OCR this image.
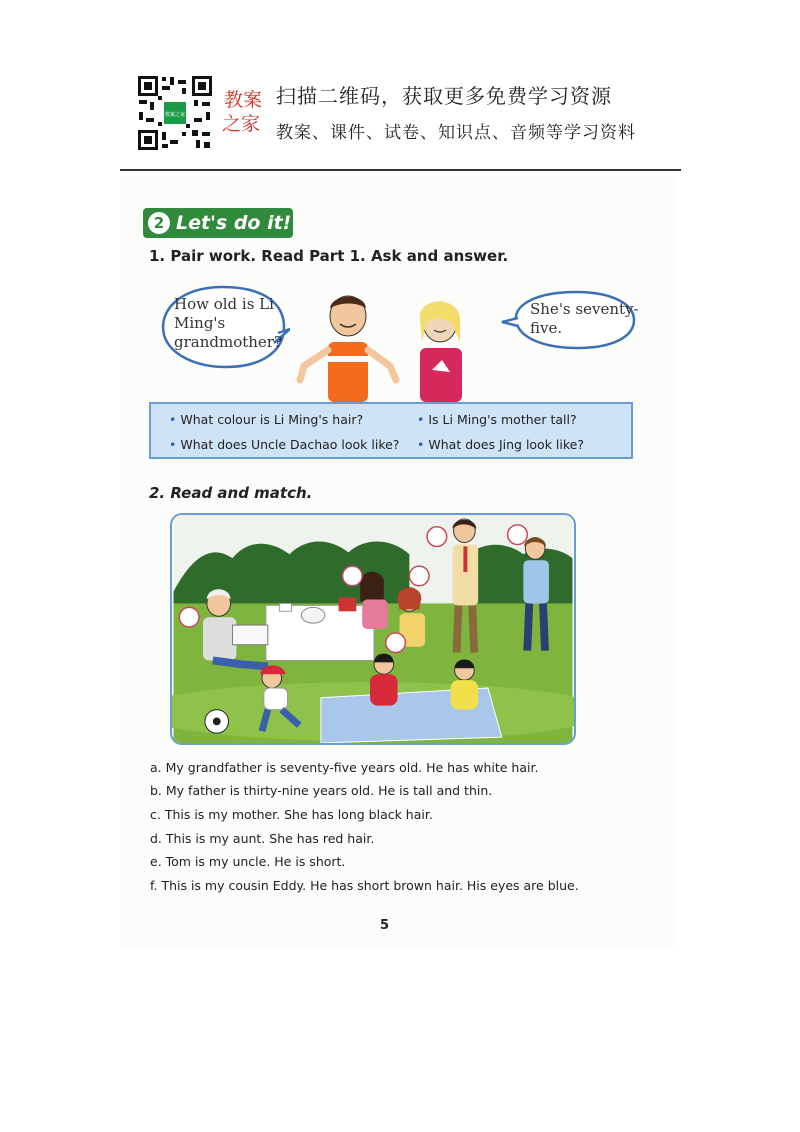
教案之家
教案
之家
扫描二维码，获取更多免费学习资源
教案、课件、试卷、知识点、音频等学习资料
2 Let's do it!
1. Pair work. Read Part 1. Ask and answer.
How old is Li Ming's grandmother?
She's seventy-five.
• What colour is Li Ming's hair?	• Is Li Ming's mother tall?
• What does Uncle Dachao look like? • What does Jing look like?
2. Read and match.
a. My grandfather is seventy-five years old. He has white hair.
b. My father is thirty-nine years old. He is tall and thin.
c. This is my mother. She has long black hair.
d. This is my aunt. She has red hair.
e. Tom is my uncle. He is short.
f. This is my cousin Eddy. He has short brown hair. His eyes are blue.
5
